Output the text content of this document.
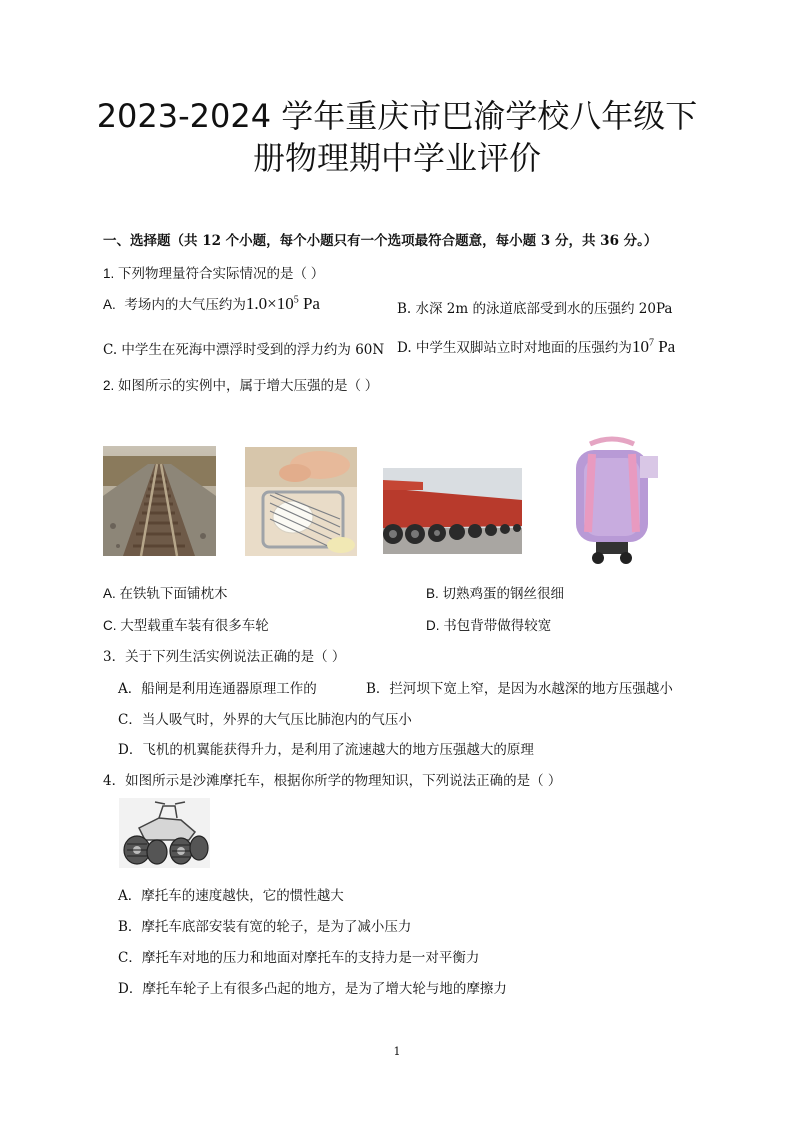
2023-2024 学年重庆市巴渝学校八年级下
册物理期中学业评价
一、选择题（共 12 个小题，每个小题只有一个选项最符合题意，每小题 3 分，共 36 分。）
1. 下列物理量符合实际情况的是（ ）
A. 考场内的大气压约为$1.0\times 10^5$ Pa	B. 水深 2m 的泳道底部受到水的压强约 20Pa
C. 中学生在死海中漂浮时受到的浮力约为 60N D. 中学生双脚站立时对地面的压强约为$10^7$ Pa
2. 如图所示的实例中，属于增大压强的是（ ）
A. 在铁轨下面铺枕木	B. 切熟鸡蛋的钢丝很细
C. 大型载重车装有很多车轮	D. 书包背带做得较宽
3．关于下列生活实例说法正确的是（ ）
A．船闸是利用连通器原理工作的	B．拦河坝下宽上窄，是因为水越深的地方压强越小
C．当人吸气时，外界的大气压比肺泡内的气压小
D．飞机的机翼能获得升力，是利用了流速越大的地方压强越大的原理
4．如图所示是沙滩摩托车，根据你所学的物理知识，下列说法正确的是（ ）
A．摩托车的速度越快，它的惯性越大
B．摩托车底部安装有宽的轮子，是为了减小压力
C．摩托车对地的压力和地面对摩托车的支持力是一对平衡力
D．摩托车轮子上有很多凸起的地方，是为了增大轮与地的摩擦力
1
